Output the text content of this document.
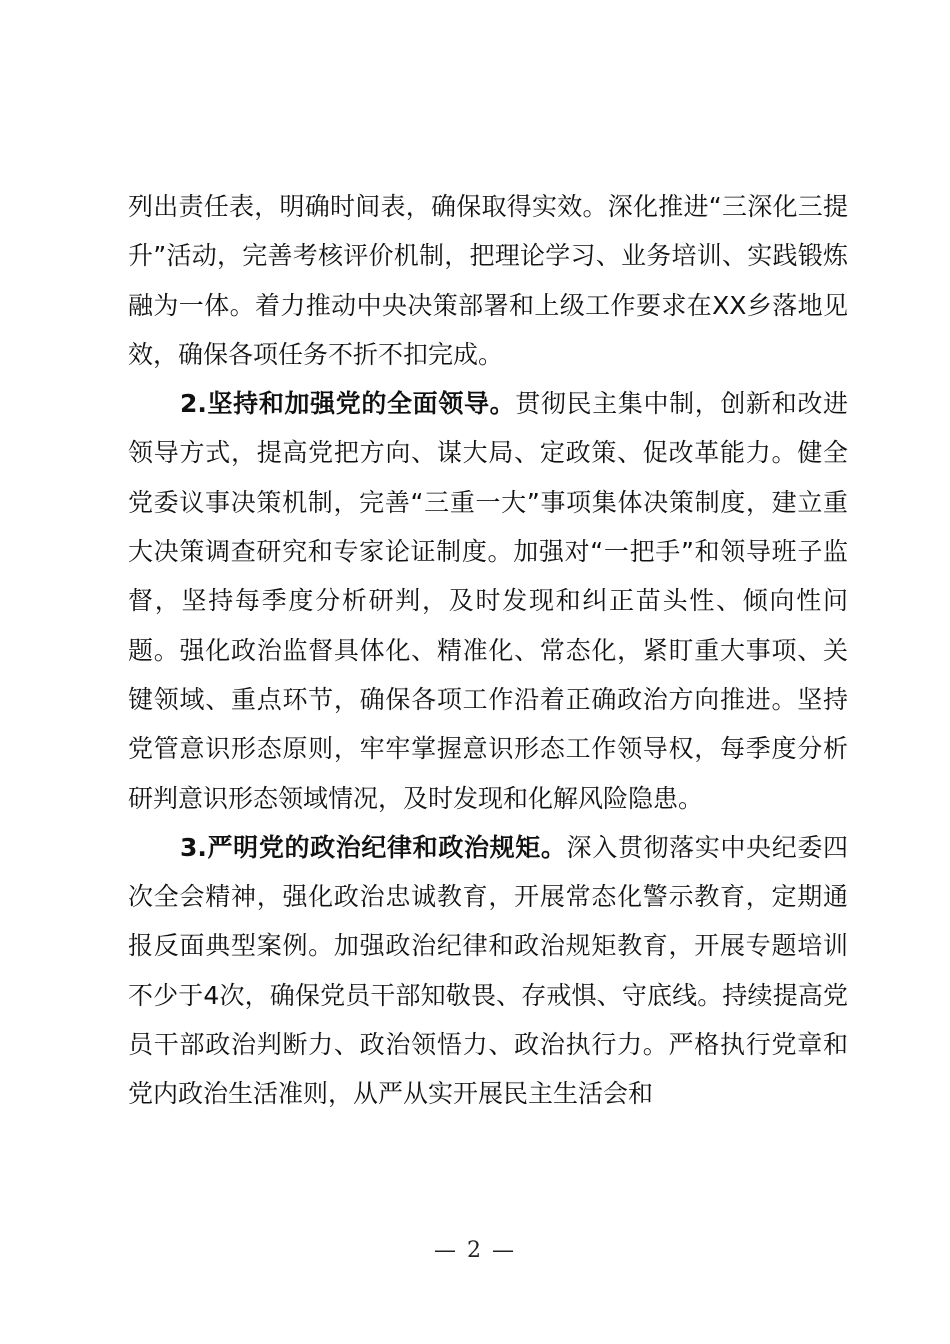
列出责任表，明确时间表，确保取得实效。深化推进“三深化三提升”活动，完善考核评价机制，把理论学习、业务培训、实践锻炼融为一体。着力推动中央决策部署和上级工作要求在XX乡落地见效，确保各项任务不折不扣完成。

2.坚持和加强党的全面领导。贯彻民主集中制，创新和改进领导方式，提高党把方向、谋大局、定政策、促改革能力。健全党委议事决策机制，完善“三重一大”事项集体决策制度，建立重大决策调查研究和专家论证制度。加强对“一把手”和领导班子监督，坚持每季度分析研判，及时发现和纠正苗头性、倾向性问题。强化政治监督具体化、精准化、常态化，紧盯重大事项、关键领域、重点环节，确保各项工作沿着正确政治方向推进。坚持党管意识形态原则，牢牢掌握意识形态工作领导权，每季度分析研判意识形态领域情况，及时发现和化解风险隐患。

3.严明党的政治纪律和政治规矩。深入贯彻落实中央纪委四次全会精神，强化政治忠诚教育，开展常态化警示教育，定期通报反面典型案例。加强政治纪律和政治规矩教育，开展专题培训不少于4次，确保党员干部知敬畏、存戒惧、守底线。持续提高党员干部政治判断力、政治领悟力、政治执行力。严格执行党章和党内政治生活准则，从严从实开展民主生活会和

— 2 —
